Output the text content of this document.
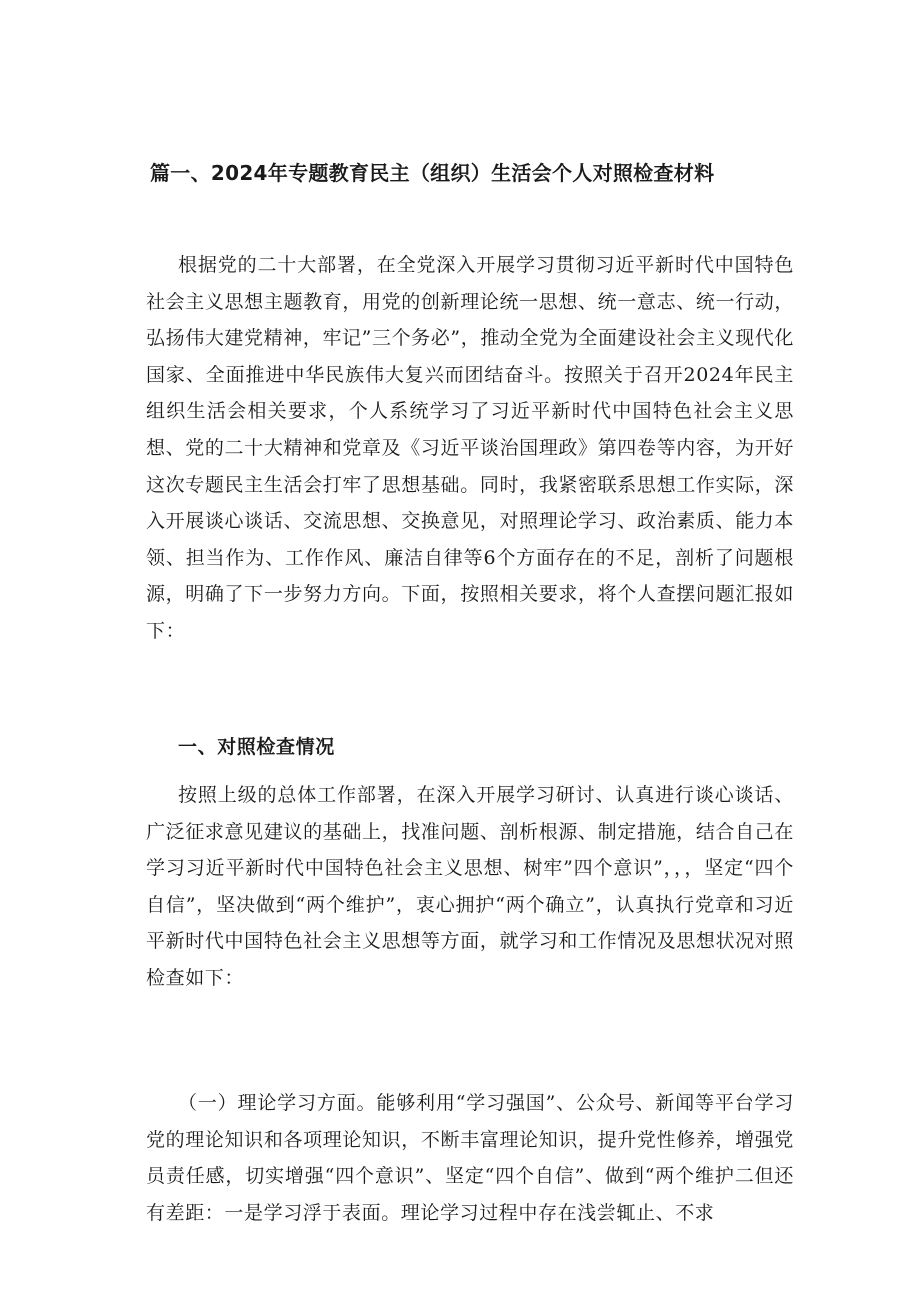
篇一、2024年专题教育民主（组织）生活会个人对照检查材料

根据党的二十大部署，在全党深入开展学习贯彻习近平新时代中国特色社会主义思想主题教育，用党的创新理论统一思想、统一意志、统一行动，弘扬伟大建党精神，牢记”三个务必”，推动全党为全面建设社会主义现代化国家、全面推进中华民族伟大复兴而团结奋斗。按照关于召开2024年民主组织生活会相关要求，个人系统学习了习近平新时代中国特色社会主义思想、党的二十大精神和党章及《习近平谈治国理政》第四卷等内容，为开好这次专题民主生活会打牢了思想基础。同时，我紧密联系思想工作实际，深入开展谈心谈话、交流思想、交换意见，对照理论学习、政治素质、能力本领、担当作为、工作作风、廉洁自律等6个方面存在的不足，剖析了问题根源，明确了下一步努力方向。下面，按照相关要求，将个人查摆问题汇报如下：

一、对照检查情况

按照上级的总体工作部署，在深入开展学习研讨、认真进行谈心谈话、广泛征求意见建议的基础上，找准问题、剖析根源、制定措施，结合自己在学习习近平新时代中国特色社会主义思想、树牢”四个意识”，，，坚定“四个自信”，坚决做到“两个维护”，衷心拥护“两个确立”，认真执行党章和习近平新时代中国特色社会主义思想等方面，就学习和工作情况及思想状况对照检查如下：

（一）理论学习方面。能够利用“学习强国”、公众号、新闻等平台学习党的理论知识和各项理论知识，不断丰富理论知识，提升党性修养，增强党员责任感，切实增强“四个意识”、坚定“四个自信”、做到“两个维护二但还有差距：一是学习浮于表面。理论学习过程中存在浅尝辄止、不求
